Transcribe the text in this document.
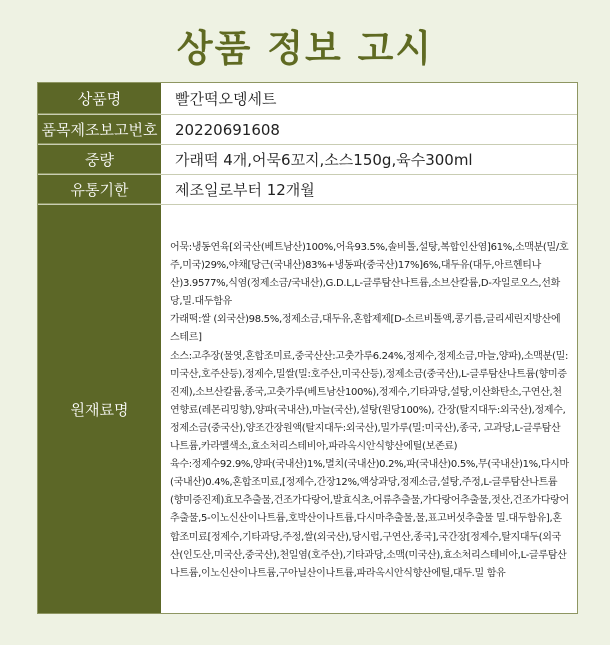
상품 정보 고시
상품명	빨간떡오뎅세트
품목제조보고번호 20220691608
중량	가래떡 4개,어묵6꼬지,소스150g,육수300ml
유통기한	제조일로부터 12개월
원재료명

어묵:냉동연육[외국산(베트남산)100%,어육93.5%,솔비톨,설탕,복합인산염]61%,소맥분(밀/호주,미국)29%,야채[당근(국내산)83%+냉동파(중국산)17%]6%,대두유(대두,아르헨티나산)3.9577%,식염(정제소금/국내산),G.D.L,L-글루탐산나트륨,소브산칼륨,D-자일로오스,선화당,밀.대두함유

가래떡:쌀 (외국산)98.5%,정제소금,대두유,혼합제제[D-소르비톨액,콩기름,글리세린지방산에스테르]

소스:고추장(물엿,혼합조미료,중국산산:고춧가루6.24%,정제수,정제소금,마늘,양파),소맥분(밀:미국산,호주산등),정제수,밀쌀(밀:호주산,미국산등),정제소금(중국산),L-글루탐산나트륨(향미증진제),소브산칼륨,종국,고춧가루(베트남산100%),정제수,기타과당,설탕,이산화탄소,구연산,천연향료(레몬리밍향),양파(국내산),마늘(국산),설탕(원당100%), 간장(탈지대두:외국산),정제수,정제소금(중국산),양조간장원액(탈지대두:외국산),밀가루(밀:미국산),종국, 고과당,L-글루탐산나트륨,카라멜색소,효소처리스테비아,파라옥시안식향산에틸(보존료)

육수:정제수92.9%,양파(국내산)1%,멸치(국내산)0.2%,파(국내산)0.5%,무(국내산)1%,다시마(국내산)0.4%,혼합조미료,[정제수,간장12%,액상과당,정제소금,설탕,주정,L-글루탐산나트륨(향미증진제)효모추출물,건조가다랑어,발효식초,어류추출물,가다랑어추출물,젓산,건조가다랑어추출물,5-이노신산이나트륨,호박산이나트륨,다시마추출물,물,표고버섯추출물 밀.대두함유],혼합조미료[정제수,기타과당,주정,쌀(외국산),당시럽,구연산,종국],국간장[정제수,탈지대두(외국산(인도산,미국산,중국산),천일염(호주산),기타과당,소맥(미국산),효소처리스테비아,L-글루탐산나트륨,이노신산이나트륨,구아닐산이나트륨,파라옥시안식향산에틸,대두.밀 함유
